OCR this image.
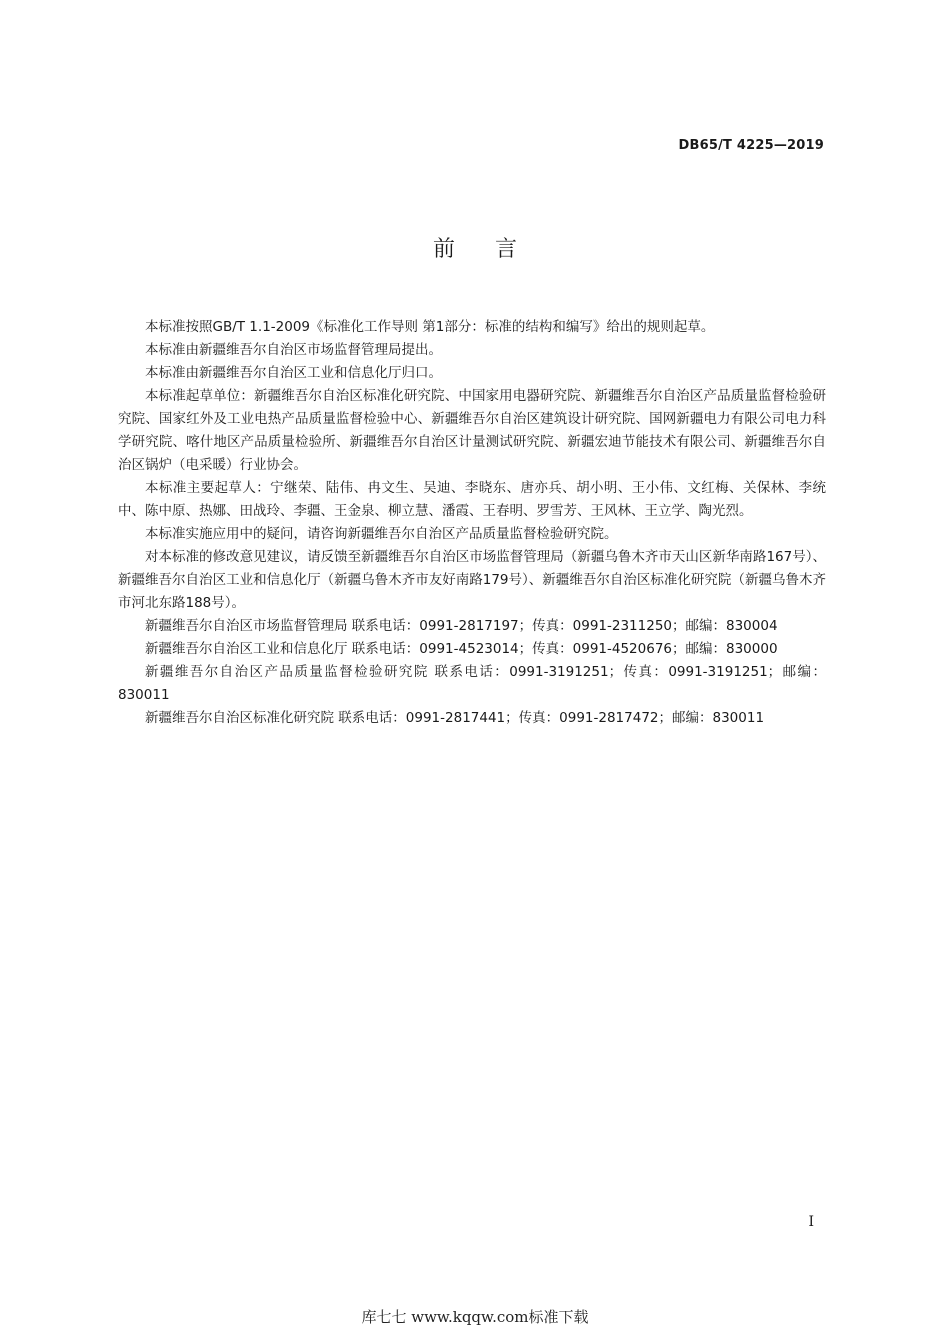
DB65/T 4225—2019
前言

本标准按照GB/T 1.1-2009《标准化工作导则 第1部分：标准的结构和编写》给出的规则起草。

本标准由新疆维吾尔自治区市场监督管理局提出。

本标准由新疆维吾尔自治区工业和信息化厅归口。

本标准起草单位：新疆维吾尔自治区标准化研究院、中国家用电器研究院、新疆维吾尔自治区产品质量监督检验研究院、国家红外及工业电热产品质量监督检验中心、新疆维吾尔自治区建筑设计研究院、国网新疆电力有限公司电力科学研究院、喀什地区产品质量检验所、新疆维吾尔自治区计量测试研究院、新疆宏迪节能技术有限公司、新疆维吾尔自治区锅炉（电采暖）行业协会。

本标准主要起草人：宁继荣、陆伟、冉文生、吴迪、李晓东、唐亦兵、胡小明、王小伟、文红梅、关保林、李统中、陈中原、热娜、田战玲、李疆、王金泉、柳立慧、潘霞、王春明、罗雪芳、王风林、王立学、陶光烈。

本标准实施应用中的疑问，请咨询新疆维吾尔自治区产品质量监督检验研究院。

对本标准的修改意见建议，请反馈至新疆维吾尔自治区市场监督管理局（新疆乌鲁木齐市天山区新华南路167号）、新疆维吾尔自治区工业和信息化厅（新疆乌鲁木齐市友好南路179号）、新疆维吾尔自治区标准化研究院（新疆乌鲁木齐市河北东路188号）。

新疆维吾尔自治区市场监督管理局 联系电话：0991-2817197；传真：0991-2311250；邮编：830004

新疆维吾尔自治区工业和信息化厅 联系电话：0991-4523014；传真：0991-4520676；邮编：830000

新疆维吾尔自治区产品质量监督检验研究院 联系电话：0991-3191251；传真：0991-3191251；邮编：830011

新疆维吾尔自治区标准化研究院 联系电话：0991-2817441；传真：0991-2817472；邮编：830011

I
库七七 www.kqqw.com标准下载
